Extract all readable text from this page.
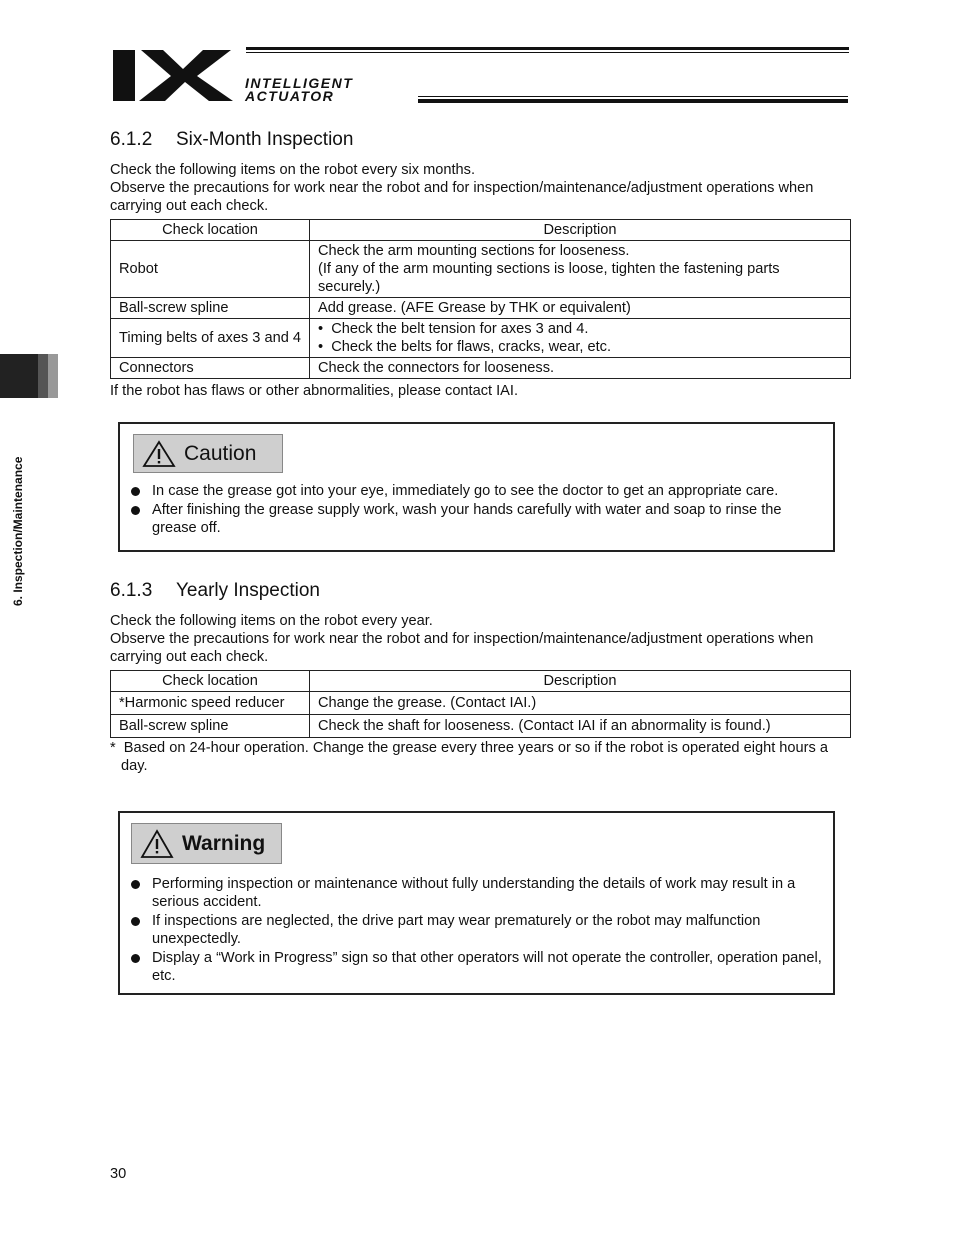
INTELLIGENT
ACTUATOR
6. Inspection/Maintenance
6.1.2 Six-Month Inspection
Check the following items on the robot every six months.
Observe the precautions for work near the robot and for inspection/maintenance/adjustment operations when carrying out each check.
Check location	Description
Robot	Check the arm mounting sections for looseness.
(If any of the arm mounting sections is loose, tighten the fastening parts securely.)

Ball-screw spline	Add grease. (AFE Grease by THK or equivalent)
Timing belts of axes 3 and 4	•  Check the belt tension for axes 3 and 4.
•  Check the belts for flaws, cracks, wear, etc.

Connectors	Check the connectors for looseness.
If the robot has flaws or other abnormalities, please contact IAI.
Caution
In case the grease got into your eye, immediately go to see the doctor to get an appropriate care.
After finishing the grease supply work, wash your hands carefully with water and soap to rinse the grease off.
6.1.3 Yearly Inspection
Check the following items on the robot every year.
Observe the precautions for work near the robot and for inspection/maintenance/adjustment operations when carrying out each check.
Check location	Description
*Harmonic speed reducer	Change the grease. (Contact IAI.)
Ball-screw spline	Check the shaft for looseness. (Contact IAI if an abnormality is found.)
* Based on 24-hour operation. Change the grease every three years or so if the robot is operated eight hours a day.
Warning
Performing inspection or maintenance without fully understanding the details of work may result in a serious accident.
If inspections are neglected, the drive part may wear prematurely or the robot may malfunction unexpectedly.
Display a “Work in Progress” sign so that other operators will not operate the controller, operation panel, etc.
30
